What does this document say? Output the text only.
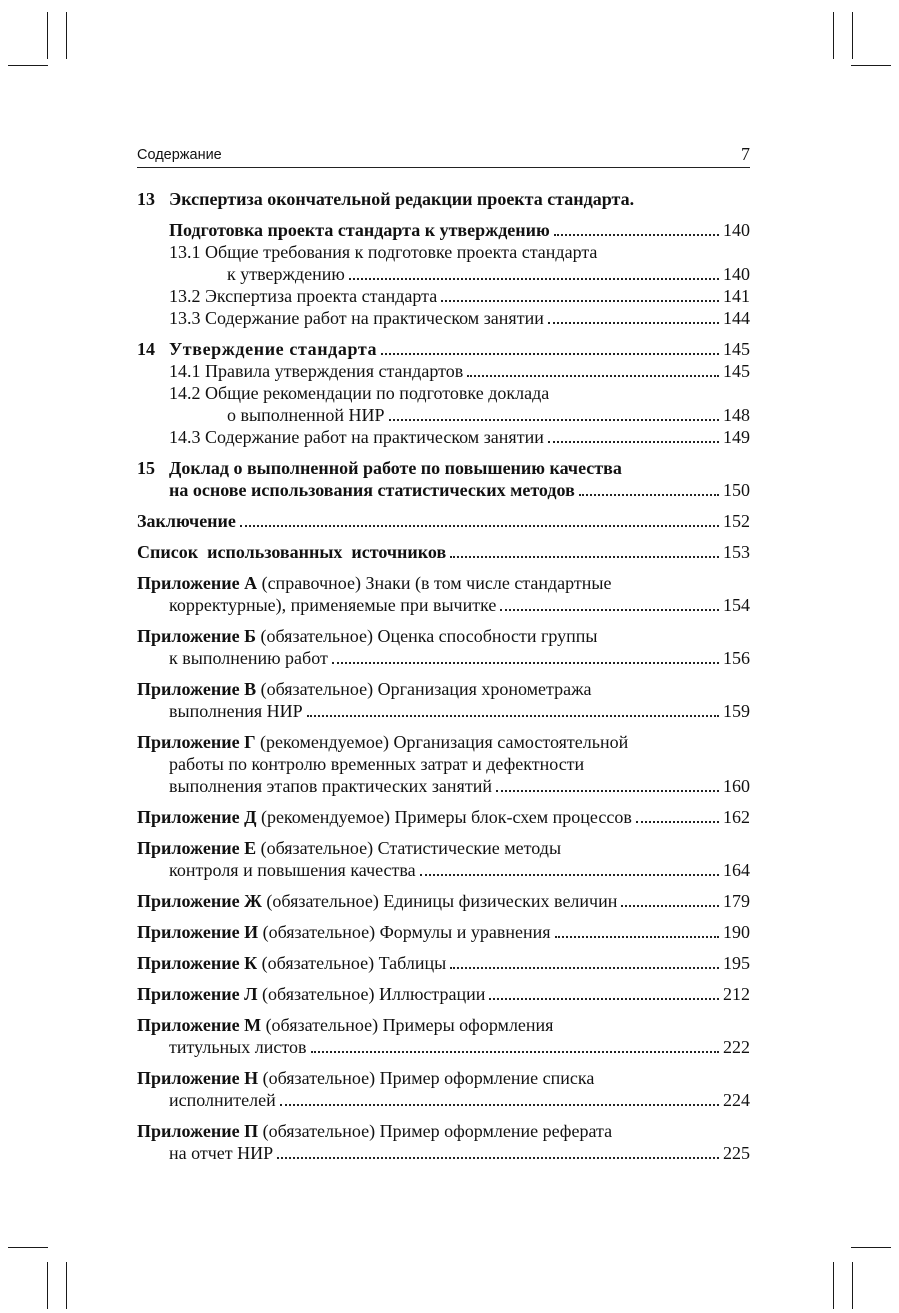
Содержание	7
13 Экспертиза окончательной редакции проекта стандарта.
Подготовка проекта стандарта к утверждению	140
13.1 Общие требования к подготовке проекта стандарта
к утверждению	140
13.2 Экспертиза проекта стандарта	141
13.3 Содержание работ на практическом занятии	144
14 Утверждение стандарта	145
14.1 Правила утверждения стандартов	145
14.2 Общие рекомендации по подготовке доклада
о выполненной НИР	148
14.3 Содержание работ на практическом занятии	149
15 Доклад о выполненной работе по повышению качества
на основе использования статистических методов	150
Заключение	152
Список  использованных  источников	153
Приложение А (справочное) Знаки (в том числе стандартные
корректурные), применяемые при вычитке	154
Приложение Б (обязательное) Оценка способности группы
к выполнению работ	156
Приложение В (обязательное) Организация хронометража
выполнения НИР	159
Приложение Г (рекомендуемое) Организация самостоятельной
работы по контролю временных затрат и дефектности
выполнения этапов практических занятий	160
Приложение Д (рекомендуемое) Примеры блок-схем процессов	162
Приложение Е (обязательное) Статистические методы
контроля и повышения качества	164
Приложение Ж (обязательное) Единицы физических величин	179
Приложение И (обязательное) Формулы и уравнения	190
Приложение К (обязательное) Таблицы	195
Приложение Л (обязательное) Иллюстрации	212
Приложение М (обязательное) Примеры оформления
титульных листов	222
Приложение Н (обязательное) Пример оформление списка
исполнителей	224
Приложение П (обязательное) Пример оформление реферата
на отчет НИР	225
